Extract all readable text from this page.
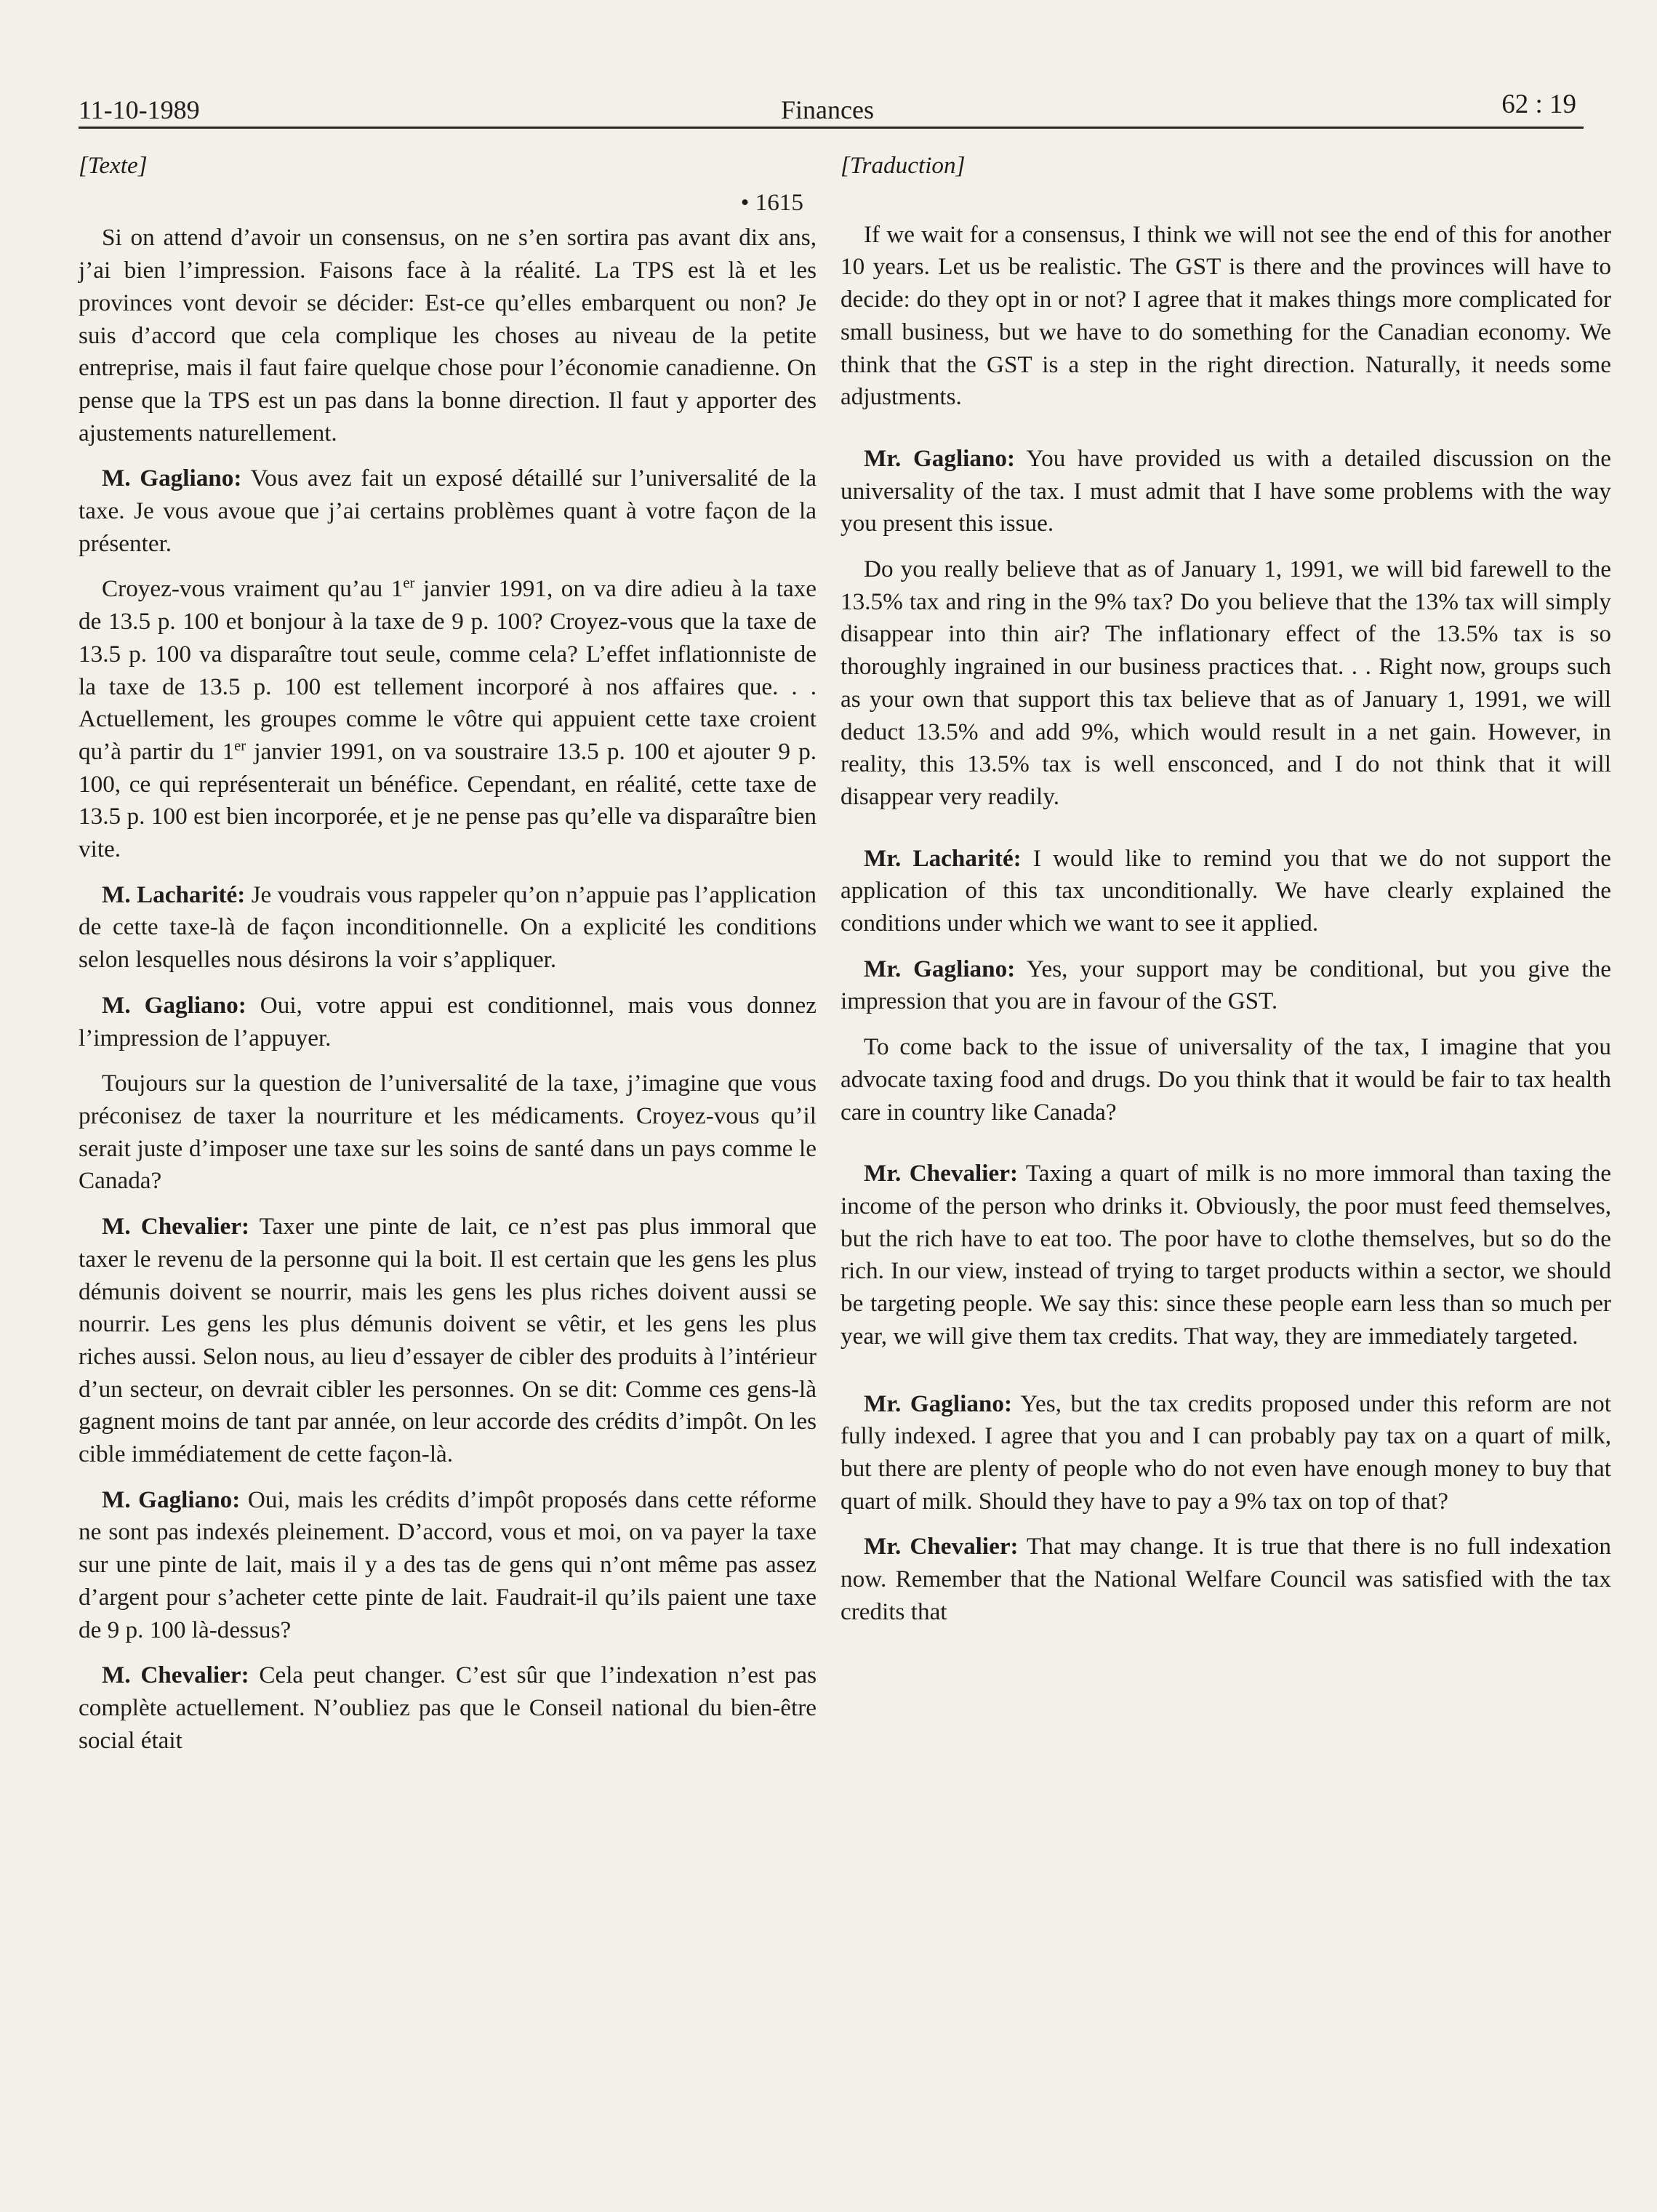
11-10-1989	Finances	62 : 19
[Texte]
• 1615

Si on attend d’avoir un consensus, on ne s’en sortira pas avant dix ans, j’ai bien l’impression. Faisons face à la réalité. La TPS est là et les provinces vont devoir se décider: Est-ce qu’elles embarquent ou non? Je suis d’accord que cela complique les choses au niveau de la petite entreprise, mais il faut faire quelque chose pour l’économie canadienne. On pense que la TPS est un pas dans la bonne direction. Il faut y apporter des ajustements naturellement.

M. Gagliano: Vous avez fait un exposé détaillé sur l’universalité de la taxe. Je vous avoue que j’ai certains problèmes quant à votre façon de la présenter.

Croyez-vous vraiment qu’au 1er janvier 1991, on va dire adieu à la taxe de 13.5 p. 100 et bonjour à la taxe de 9 p. 100? Croyez-vous que la taxe de 13.5 p. 100 va disparaître tout seule, comme cela? L’effet inflationniste de la taxe de 13.5 p. 100 est tellement incorporé à nos affaires que. . . Actuellement, les groupes comme le vôtre qui appuient cette taxe croient qu’à partir du 1er janvier 1991, on va soustraire 13.5 p. 100 et ajouter 9 p. 100, ce qui représenterait un bénéfice. Cependant, en réalité, cette taxe de 13.5 p. 100 est bien incorporée, et je ne pense pas qu’elle va disparaître bien vite.

M. Lacharité: Je voudrais vous rappeler qu’on n’appuie pas l’application de cette taxe-là de façon inconditionnelle. On a explicité les conditions selon lesquelles nous désirons la voir s’appliquer.

M. Gagliano: Oui, votre appui est conditionnel, mais vous donnez l’impression de l’appuyer.

Toujours sur la question de l’universalité de la taxe, j’imagine que vous préconisez de taxer la nourriture et les médicaments. Croyez-vous qu’il serait juste d’imposer une taxe sur les soins de santé dans un pays comme le Canada?

M. Chevalier: Taxer une pinte de lait, ce n’est pas plus immoral que taxer le revenu de la personne qui la boit. Il est certain que les gens les plus démunis doivent se nourrir, mais les gens les plus riches doivent aussi se nourrir. Les gens les plus démunis doivent se vêtir, et les gens les plus riches aussi. Selon nous, au lieu d’essayer de cibler des produits à l’intérieur d’un secteur, on devrait cibler les personnes. On se dit: Comme ces gens-là gagnent moins de tant par année, on leur accorde des crédits d’impôt. On les cible immédiatement de cette façon-là.

M. Gagliano: Oui, mais les crédits d’impôt proposés dans cette réforme ne sont pas indexés pleinement. D’accord, vous et moi, on va payer la taxe sur une pinte de lait, mais il y a des tas de gens qui n’ont même pas assez d’argent pour s’acheter cette pinte de lait. Faudrait-il qu’ils paient une taxe de 9 p. 100 là-dessus?

M. Chevalier: Cela peut changer. C’est sûr que l’indexation n’est pas complète actuellement. N’oubliez pas que le Conseil national du bien-être social était

[Traduction]

If we wait for a consensus, I think we will not see the end of this for another 10 years. Let us be realistic. The GST is there and the provinces will have to decide: do they opt in or not? I agree that it makes things more complicated for small business, but we have to do something for the Canadian economy. We think that the GST is a step in the right direction. Naturally, it needs some adjustments.

Mr. Gagliano: You have provided us with a detailed discussion on the universality of the tax. I must admit that I have some problems with the way you present this issue.

Do you really believe that as of January 1, 1991, we will bid farewell to the 13.5% tax and ring in the 9% tax? Do you believe that the 13% tax will simply disappear into thin air? The inflationary effect of the 13.5% tax is so thoroughly ingrained in our business practices that. . . Right now, groups such as your own that support this tax believe that as of January 1, 1991, we will deduct 13.5% and add 9%, which would result in a net gain. However, in reality, this 13.5% tax is well ensconced, and I do not think that it will disappear very readily.

Mr. Lacharité: I would like to remind you that we do not support the application of this tax unconditionally. We have clearly explained the conditions under which we want to see it applied.

Mr. Gagliano: Yes, your support may be conditional, but you give the impression that you are in favour of the GST.

To come back to the issue of universality of the tax, I imagine that you advocate taxing food and drugs. Do you think that it would be fair to tax health care in country like Canada?

Mr. Chevalier: Taxing a quart of milk is no more immoral than taxing the income of the person who drinks it. Obviously, the poor must feed themselves, but the rich have to eat too. The poor have to clothe themselves, but so do the rich. In our view, instead of trying to target products within a sector, we should be targeting people. We say this: since these people earn less than so much per year, we will give them tax credits. That way, they are immediately targeted.

Mr. Gagliano: Yes, but the tax credits proposed under this reform are not fully indexed. I agree that you and I can probably pay tax on a quart of milk, but there are plenty of people who do not even have enough money to buy that quart of milk. Should they have to pay a 9% tax on top of that?

Mr. Chevalier: That may change. It is true that there is no full indexation now. Remember that the National Welfare Council was satisfied with the tax credits that
